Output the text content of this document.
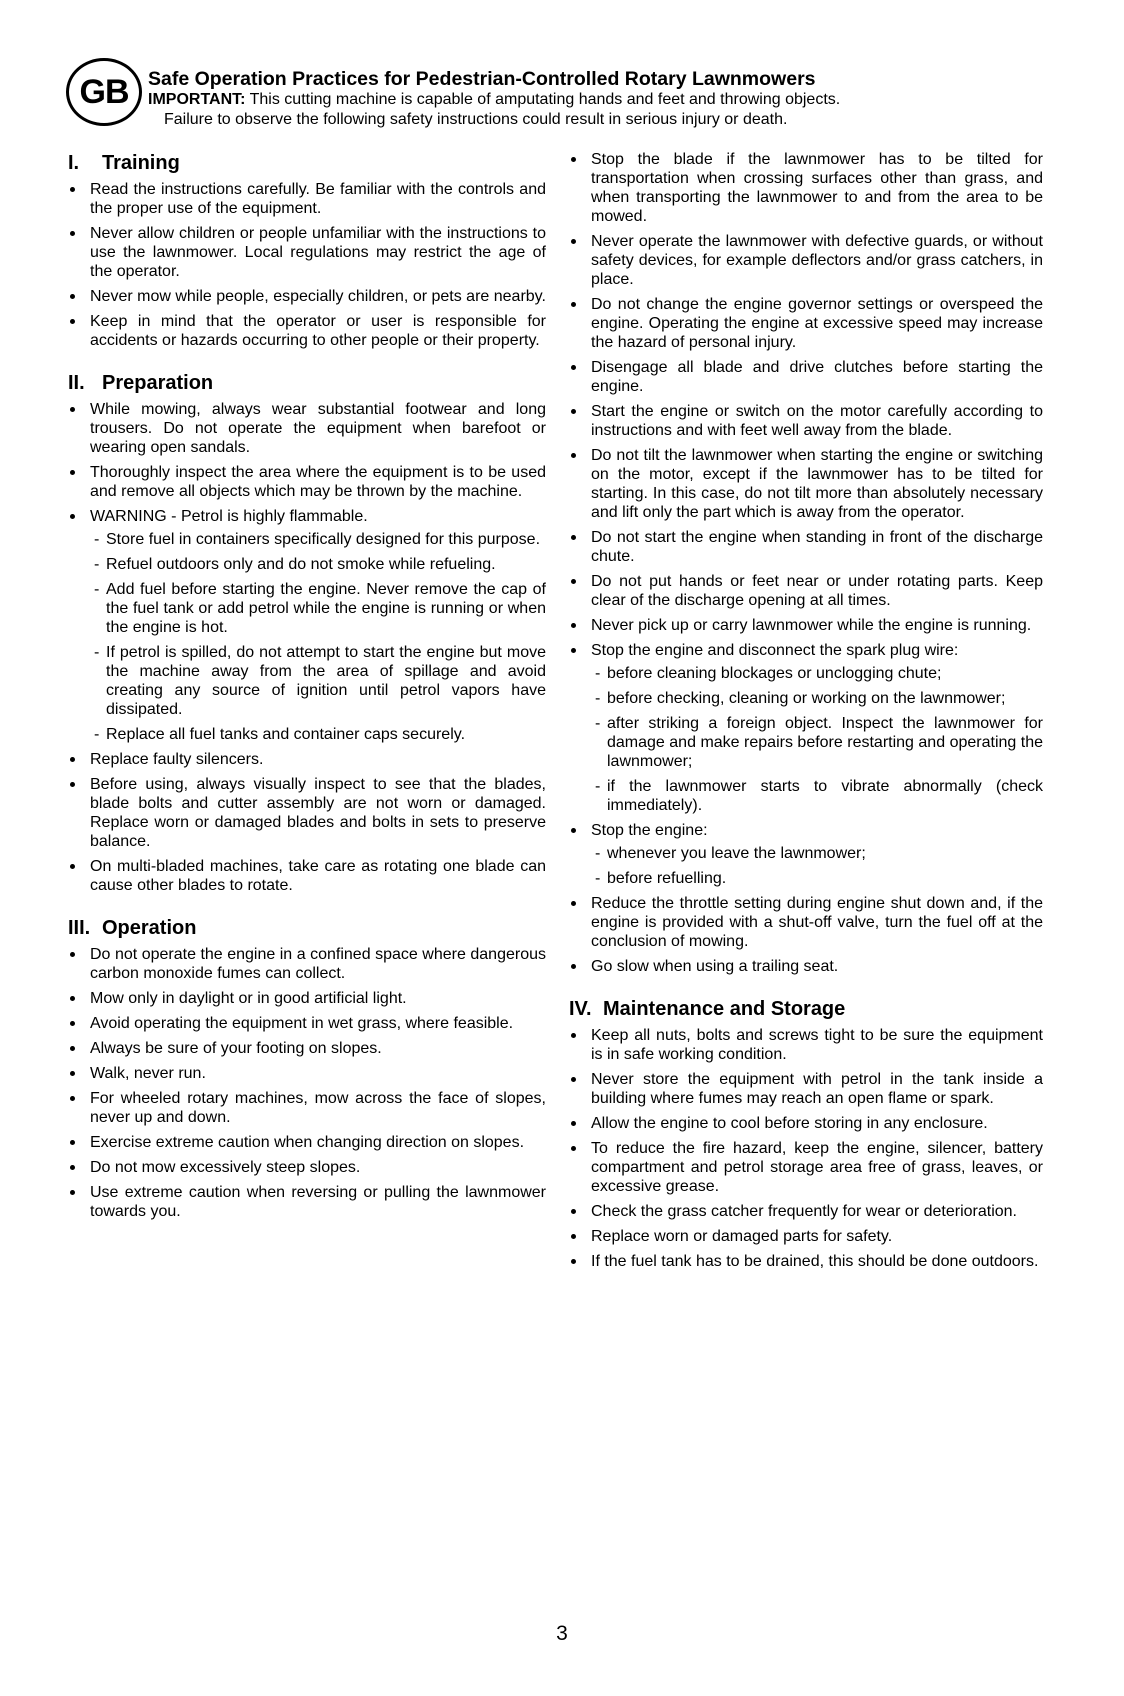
GB	Safe Operation Practices for Pedestrian-Controlled Rotary Lawnmowers
IMPORTANT: This cutting machine is capable of amputating hands and feet and throwing objects.
Failure to observe the following safety instructions could result in serious injury or death.
I. Training
Read the instructions carefully. Be familiar with the controls and the proper use of the equipment.
Never allow children or people unfamiliar with the instructions to use the lawnmower. Local regulations may restrict the age of the operator.
Never mow while people, especially children, or pets are nearby.
Keep in mind that the operator or user is responsible for accidents or hazards occurring to other people or their property.
II. Preparation
While mowing, always wear substantial footwear and long trousers. Do not operate the equipment when barefoot or wearing open sandals.
Thoroughly inspect the area where the equipment is to be used and remove all objects which may be thrown by the machine.
WARNING - Petrol is highly flammable.
- Store fuel in containers specifically designed for this purpose.
- Refuel outdoors only and do not smoke while refueling.
- Add fuel before starting the engine. Never remove the cap of the fuel tank or add petrol while the engine is running or when the engine is hot.
- If petrol is spilled, do not attempt to start the engine but move the machine away from the area of spillage and avoid creating any source of ignition until petrol vapors have dissipated.
- Replace all fuel tanks and container caps securely.
Replace faulty silencers.
Before using, always visually inspect to see that the blades, blade bolts and cutter assembly are not worn or damaged. Replace worn or damaged blades and bolts in sets to preserve balance.
On multi-bladed machines, take care as rotating one blade can cause other blades to rotate.
III. Operation
Do not operate the engine in a confined space where dangerous carbon monoxide fumes can collect.
Mow only in daylight or in good artificial light.
Avoid operating the equipment in wet grass, where feasible.
Always be sure of your footing on slopes.
Walk, never run.
For wheeled rotary machines, mow across the face of slopes, never up and down.
Exercise extreme caution when changing direction on slopes.
Do not mow excessively steep slopes.
Use extreme caution when reversing or pulling the lawnmower towards you.
Stop the blade if the lawnmower has to be tilted for transportation when crossing surfaces other than grass, and when transporting the lawnmower to and from the area to be mowed.
Never operate the lawnmower with defective guards, or without safety devices, for example deflectors and/or grass catchers, in place.
Do not change the engine governor settings or overspeed the engine. Operating the engine at excessive speed may increase the hazard of personal injury.
Disengage all blade and drive clutches before starting the engine.
Start the engine or switch on the motor carefully according to instructions and with feet well away from the blade.
Do not tilt the lawnmower when starting the engine or switching on the motor, except if the lawnmower has to be tilted for starting. In this case, do not tilt more than absolutely necessary and lift only the part which is away from the operator.
Do not start the engine when standing in front of the discharge chute.
Do not put hands or feet near or under rotating parts. Keep clear of the discharge opening at all times.
Never pick up or carry lawnmower while the engine is running.
Stop the engine and disconnect the spark plug wire:
- before cleaning blockages or unclogging chute;
- before checking, cleaning or working on the lawnmower;
- after striking a foreign object. Inspect the lawnmower for damage and make repairs before restarting and operating the lawnmower;
- if the lawnmower starts to vibrate abnormally (check immediately).
Stop the engine:
- whenever you leave the lawnmower;
- before refuelling.
Reduce the throttle setting during engine shut down and, if the engine is provided with a shut-off valve, turn the fuel off at the conclusion of mowing.
Go slow when using a trailing seat.
IV. Maintenance and Storage
Keep all nuts, bolts and screws tight to be sure the equipment is in safe working condition.
Never store the equipment with petrol in the tank inside a building where fumes may reach an open flame or spark.
Allow the engine to cool before storing in any enclosure.
To reduce the fire hazard, keep the engine, silencer, battery compartment and petrol storage area free of grass, leaves, or excessive grease.
Check the grass catcher frequently for wear or deterioration.
Replace worn or damaged parts for safety.
If the fuel tank has to be drained, this should be done outdoors.
3
